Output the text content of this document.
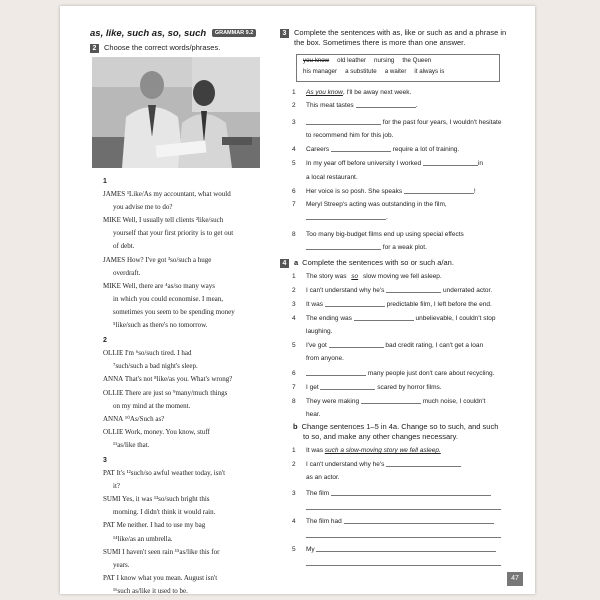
as, like, such as, so, such GRAMMAR 9.2
2 Choose the correct words/phrases.
1
JAMES ¹Like/As my accountant, what would
you advise me to do?
MIKE Well, I usually tell clients ²like/such
yourself that your first priority is to get out
of debt.
JAMES How? I've got ³so/such a huge
overdraft.
MIKE Well, there are ⁴as/so many ways
in which you could economise. I mean,
sometimes you seem to be spending money
⁵like/such as there's no tomorrow.
2
OLLIE I'm ⁶so/such tired. I had
⁷such/such a bad night's sleep.
ANNA That's not ⁸like/as you. What's wrong?
OLLIE There are just so ⁹many/much things
on my mind at the moment.
ANNA ¹⁰As/Such as?
OLLIE Work, money. You know, stuff
¹¹as/like that.
3
PAT It's ¹²such/so awful weather today, isn't
it?
SUMI Yes, it was ¹³so/such bright this
morning. I didn't think it would rain.
PAT Me neither. I had to use my bag
¹⁴like/as an umbrella.
SUMI I haven't seen rain ¹⁵as/like this for
years.
PAT I know what you mean. August isn't
¹⁶such as/like it used to be.
3 Complete the sentences with as, like or such as and a phrase in
the box. Sometimes there is more than one answer.
you know old leather nursing the Queen
his manager a substitute a waiter it always is
1 As you know, I'll be away next week.
2 This meat tastes	.
3	for the past four years, I wouldn't hesitate
to recommend him for this job.
4 Careers	require a lot of training.
5 In my year off before university I worked	in
a local restaurant.
6 Her voice is so posh. She speaks	!
7 Meryl Streep's acting was outstanding in the film,
.
8 Too many big-budget films end up using special effects
for a weak plot.
4 a Complete the sentences with so or such a/an.
1 The story was so slow moving we fell asleep.
2 I can't understand why he's	underrated actor.
3 It was	predictable film, I left before the end.
4 The ending was	unbelievable, I couldn't stop
laughing.
5 I've got	bad credit rating, I can't get a loan
from anyone.
6	many people just don't care about recycling.
7 I get	scared by horror films.
8 They were making	much noise, I couldn't
hear.
b Change sentences 1–5 in 4a. Change so to such, and such
to so, and make any other changes necessary.
1 It was such a slow-moving story we fell asleep.
2 I can't understand why he's
as an actor.
3 The film
4 The film had
5 My
47
